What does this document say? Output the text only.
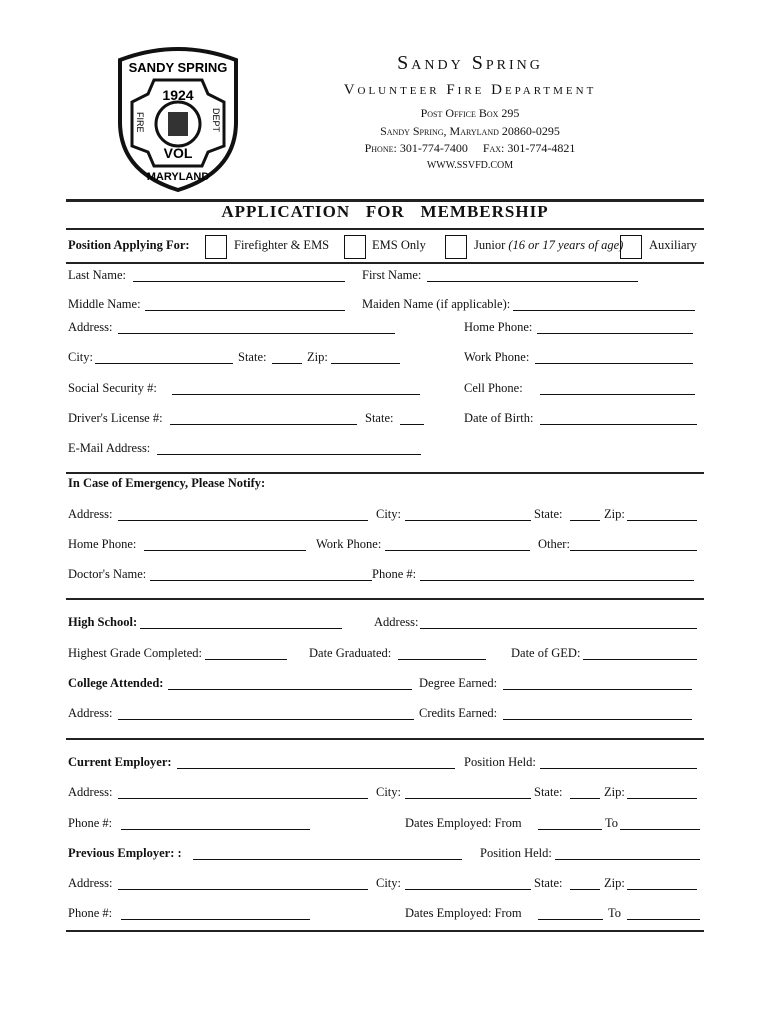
SANDY SPRING
1924
VOL
MARYLAND
FIRE	DEPT
Sandy Spring
Volunteer Fire Department
Post Office Box 295
Sandy Spring, Maryland 20860-0295
Phone: 301-774-7400 Fax: 301-774-4821
WWW.SSVFD.COM
APPLICATION   FOR   MEMBERSHIP
Position Applying For:	Firefighter & EMS	EMS Only	Junior (16 or 17 years of age) Auxiliary
Last Name:	First Name:
Middle Name:	Maiden Name (if applicable):
Address:	Home Phone:
City:	State:	Zip:	Work Phone:
Social Security #:	Cell Phone:
Driver's License #:	State:	Date of Birth:
E-Mail Address:
In Case of Emergency, Please Notify:
Address:	City:	State:	Zip:
Home Phone:	Work Phone:	Other:
Doctor's Name:	Phone #:
High School:	Address:
Highest Grade Completed:	Date Graduated:	Date of GED:
College Attended:	Degree Earned:
Address:	Credits Earned:
Current Employer:	Position Held:
Address:	City:	State:	Zip:
Phone #:	Dates Employed: From	To
Previous Employer: :	Position Held:
Address:	City:	State:	Zip:
Phone #:	Dates Employed: From	To
